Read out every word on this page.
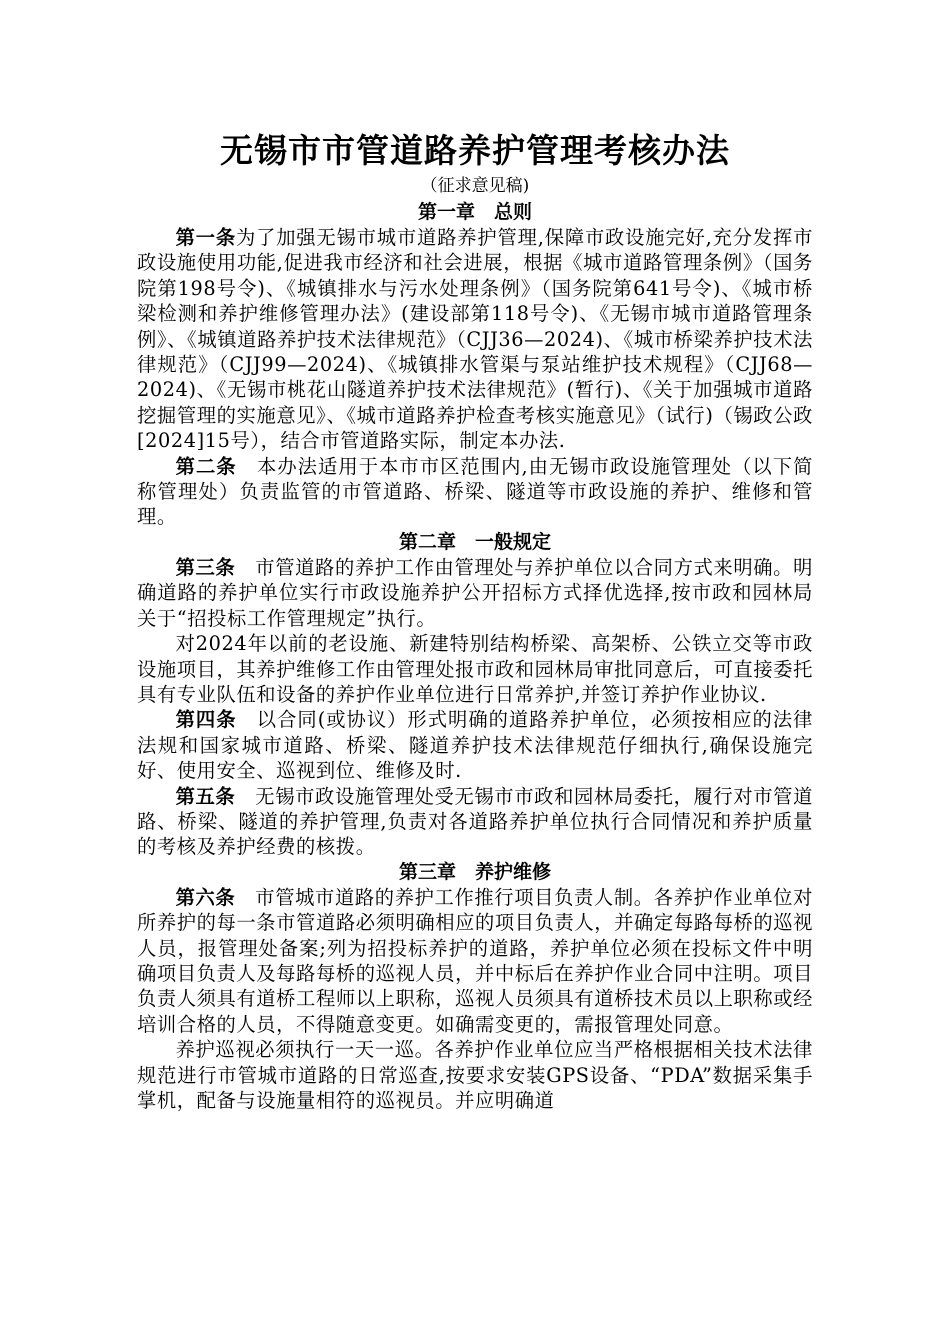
无锡市市管道路养护管理考核办法

（征求意见稿)

第一章　总则

第一条为了加强无锡市城市道路养护管理,保障市政设施完好,充分发挥市政设施使用功能,促进我市经济和社会进展，根据《城市道路管理条例》（国务院第198号令)、《城镇排水与污水处理条例》（国务院第641号令)、《城市桥梁检测和养护维修管理办法》(建设部第118号令)、《无锡市城市道路管理条例》、《城镇道路养护技术法律规范》（CJJ36—2024)、《城市桥梁养护技术法律规范》（CJJ99—2024)、《城镇排水管渠与泵站维护技术规程》（CJJ68—2024)、《无锡市桃花山隧道养护技术法律规范》(暂行)、《关于加强城市道路挖掘管理的实施意见》、《城市道路养护检查考核实施意见》（试行)（锡政公政[2024]15号），结合市管道路实际，制定本办法.

第二条　本办法适用于本市市区范围内,由无锡市政设施管理处（以下简称管理处）负责监管的市管道路、桥梁、隧道等市政设施的养护、维修和管理。

第二章　一般规定

第三条　市管道路的养护工作由管理处与养护单位以合同方式来明确。明确道路的养护单位实行市政设施养护公开招标方式择优选择,按市政和园林局关于“招投标工作管理规定”执行。

对2024年以前的老设施、新建特别结构桥梁、高架桥、公铁立交等市政设施项目，其养护维修工作由管理处报市政和园林局审批同意后，可直接委托具有专业队伍和设备的养护作业单位进行日常养护,并签订养护作业协议.

第四条　以合同(或协议）形式明确的道路养护单位，必须按相应的法律法规和国家城市道路、桥梁、隧道养护技术法律规范仔细执行,确保设施完好、使用安全、巡视到位、维修及时.

第五条　无锡市政设施管理处受无锡市市政和园林局委托，履行对市管道路、桥梁、隧道的养护管理,负责对各道路养护单位执行合同情况和养护质量的考核及养护经费的核拨。

第三章　养护维修

第六条　市管城市道路的养护工作推行项目负责人制。各养护作业单位对所养护的每一条市管道路必须明确相应的项目负责人，并确定每路每桥的巡视人员，报管理处备案;列为招投标养护的道路，养护单位必须在投标文件中明确项目负责人及每路每桥的巡视人员，并中标后在养护作业合同中注明。项目负责人须具有道桥工程师以上职称，巡视人员须具有道桥技术员以上职称或经培训合格的人员，不得随意变更。如确需变更的，需报管理处同意。

养护巡视必须执行一天一巡。各养护作业单位应当严格根据相关技术法律规范进行市管城市道路的日常巡查,按要求安装GPS设备、“PDA”数据采集手掌机，配备与设施量相符的巡视员。并应明确道
